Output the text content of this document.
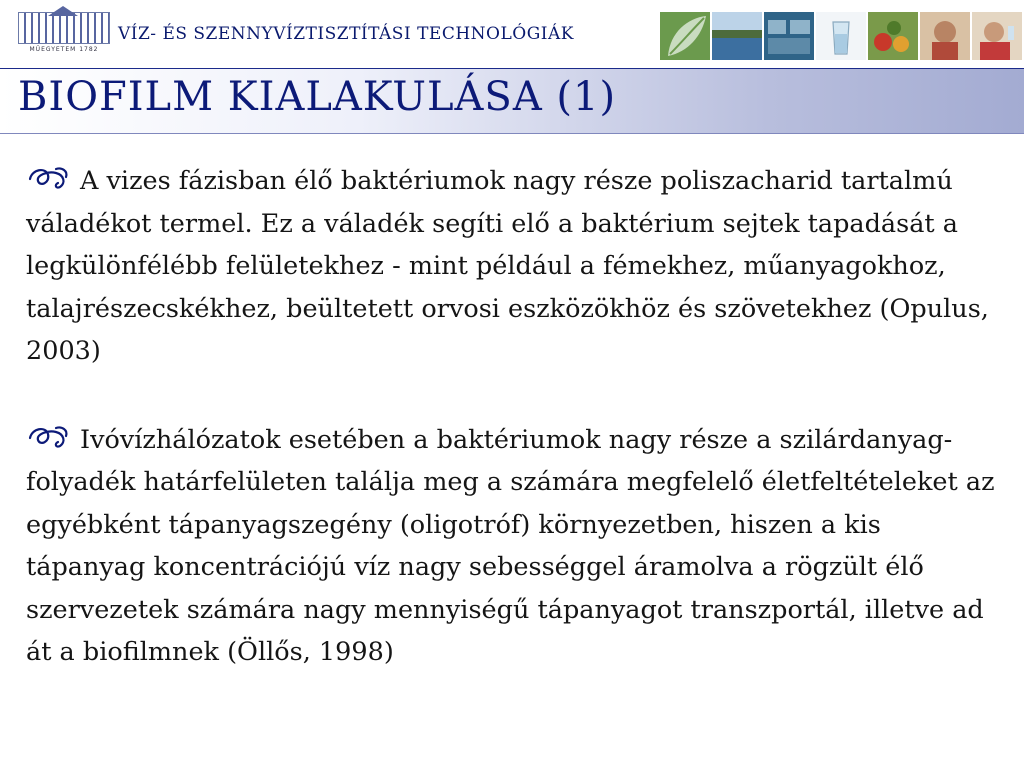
MŰEGYETEM 1782
VÍZ- ÉS SZENNYVÍZTISZTÍTÁSI TECHNOLÓGIÁK
BIOFILM KIALAKULÁSA (1)

A vizes fázisban élő baktériumok nagy része poliszacharid tartalmú váladékot termel. Ez a váladék segíti elő a baktérium sejtek tapadását a legkülönfélébb felületekhez - mint például a fémekhez, műanyagokhoz, talajrészecskékhez, beültetett orvosi eszközökhöz és szövetekhez (Opulus, 2003)

Ivóvízhálózatok esetében a baktériumok nagy része a szilárdanyag-folyadék határfelületen találja meg a számára megfelelő életfeltételeket az egyébként tápanyagszegény (oligotróf) környezetben, hiszen a kis tápanyag koncentrációjú víz nagy sebességgel áramolva a rögzült élő szervezetek számára nagy mennyiségű tápanyagot transzportál, illetve ad át a biofilmnek (Öllős, 1998)
